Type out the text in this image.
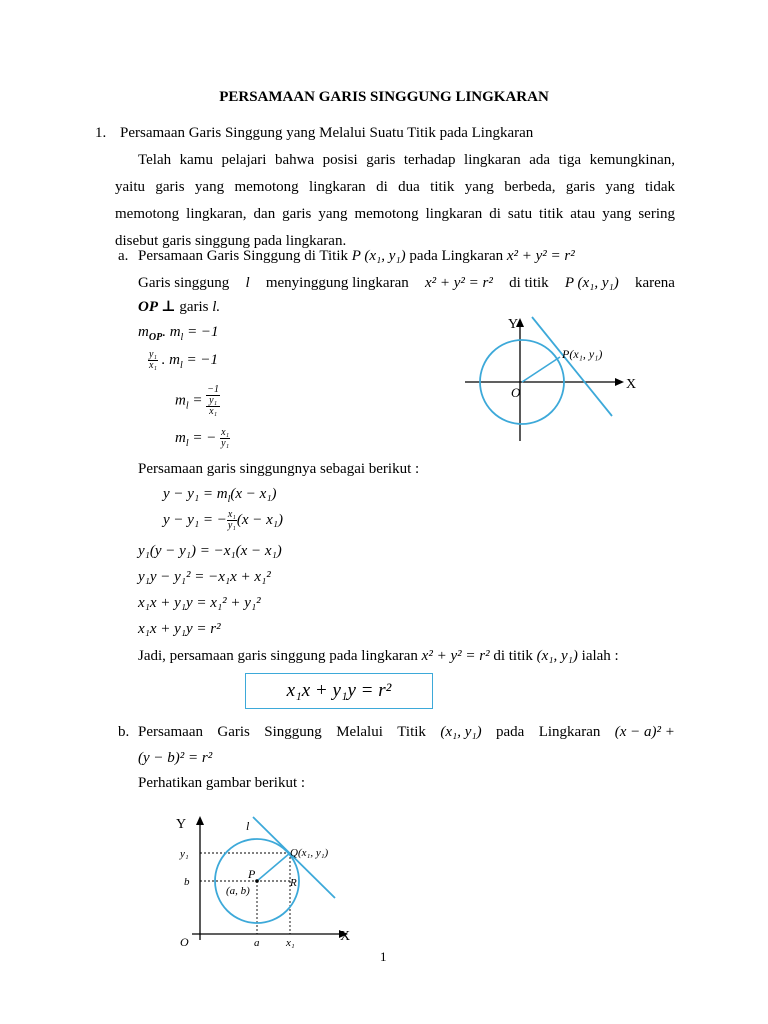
PERSAMAAN GARIS SINGGUNG LINGKARAN
1. Persamaan Garis Singgung yang Melalui Suatu Titik pada Lingkaran
Telah kamu pelajari bahwa posisi garis terhadap lingkaran ada tiga kemungkinan,
yaitu garis yang memotong lingkaran di dua titik yang berbeda, garis yang tidak
memotong lingkaran, dan garis yang memotong lingkaran di satu titik atau yang sering
disebut garis singgung pada lingkaran.
a. Persamaan Garis Singgung di Titik P (x₁, y₁) pada Lingkaran x² + y² = r²
Garis singgung l menyinggung lingkaran x² + y² = r² di titik P (x₁, y₁) karena
OP ⊥ garis l.
$m_{OP}$. $m_l = -1$
$\frac{\text{y₁}}{\text{x₁}}$ . $m_l = -1$
$m_l = -1$
y₁
x₁
$m_l$ = − $\frac{\text{x₁}}{\text{y₁}}$
Y
X
O
P(x₁, y₁)
Persamaan garis singgungnya sebagai berikut :
$y - y_1 = m_l(x - x_1)$
y − y₁ = − $\frac{\text{x₁}}{\text{y₁}} (x - x_1)$
y₁(y − y₁) = −x₁(x − x₁)
y₁y − y₁² = −x₁x + x₁²
x₁x + y₁y = x₁² + y₁²
x₁x + y₁y = r²
Jadi, persamaan garis singgung pada lingkaran x² + y² = r² di titik (x₁, y₁) ialah :
x₁x + y₁y = r²
b. Persamaan Garis Singgung Melalui Titik (x₁, y₁) pada Lingkaran (x − a)² +
(y − b)² = r²
Perhatikan gambar berikut :
Y
X
O
l
Q(x₁, y₁)
P
(a, b)
R
y₁
b
a x₁
1
